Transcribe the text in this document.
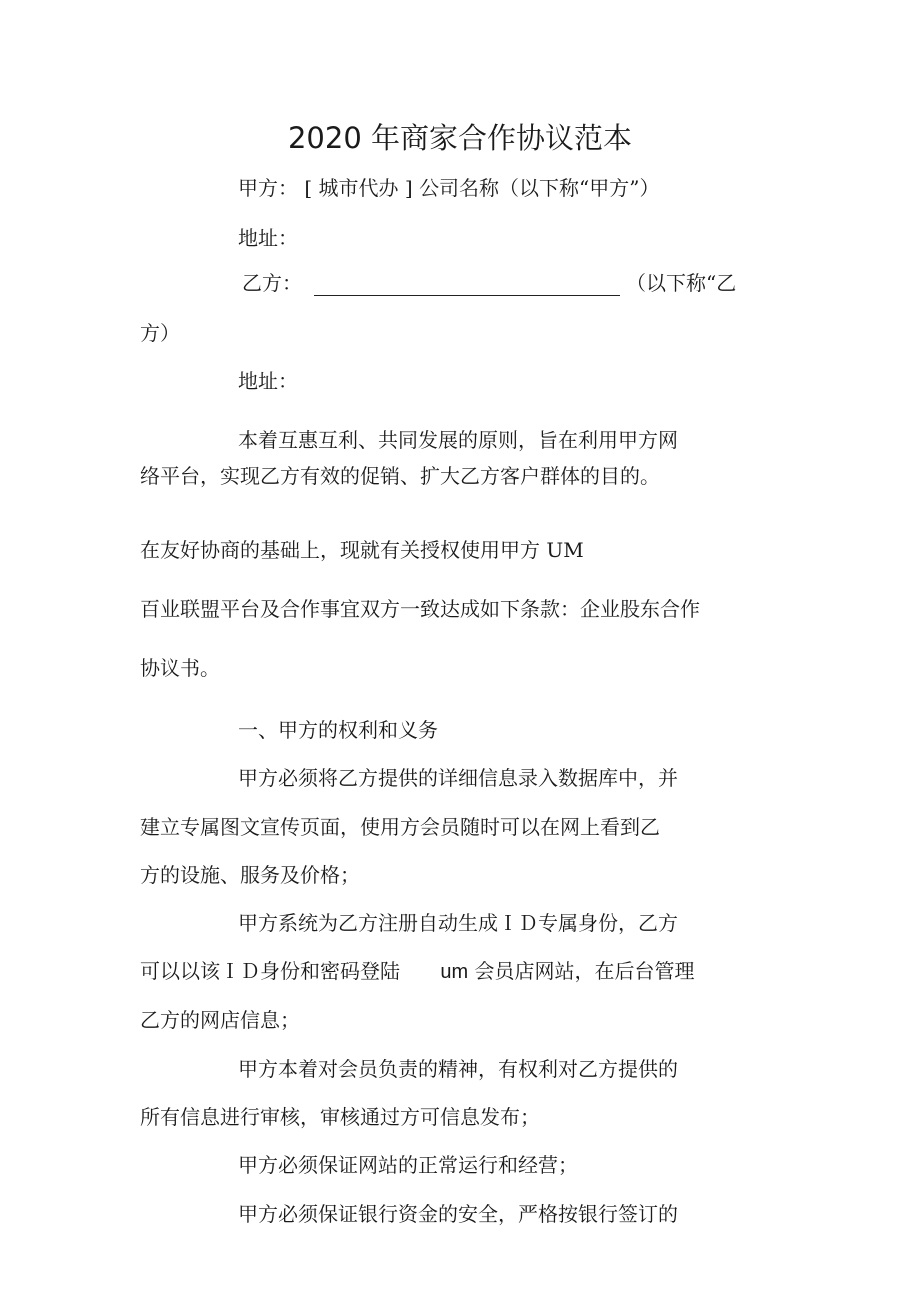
2020 年商家合作协议范本
甲方： [ 城市代办 ] 公司名称（以下称“甲方”）
地址：
乙方：	（以下称“乙
方）
地址：
本着互惠互利、共同发展的原则，旨在利用甲方网
络平台，实现乙方有效的促销、扩大乙方客户群体的目的。
在友好协商的基础上，现就有关授权使用甲方 UM
百业联盟平台及合作事宜双方一致达成如下条款：企业股东合作
协议书。
一、甲方的权利和义务
甲方必须将乙方提供的详细信息录入数据库中，并
建立专属图文宣传页面，使用方会员随时可以在网上看到乙
方的设施、服务及价格；
甲方系统为乙方注册自动生成ＩＤ专属身份，乙方
可以以该ＩＤ身份和密码登陆 um 会员店网站，在后台管理
乙方的网店信息；
甲方本着对会员负责的精神，有权利对乙方提供的
所有信息进行审核，审核通过方可信息发布；
甲方必须保证网站的正常运行和经营；
甲方必须保证银行资金的安全，严格按银行签订的
